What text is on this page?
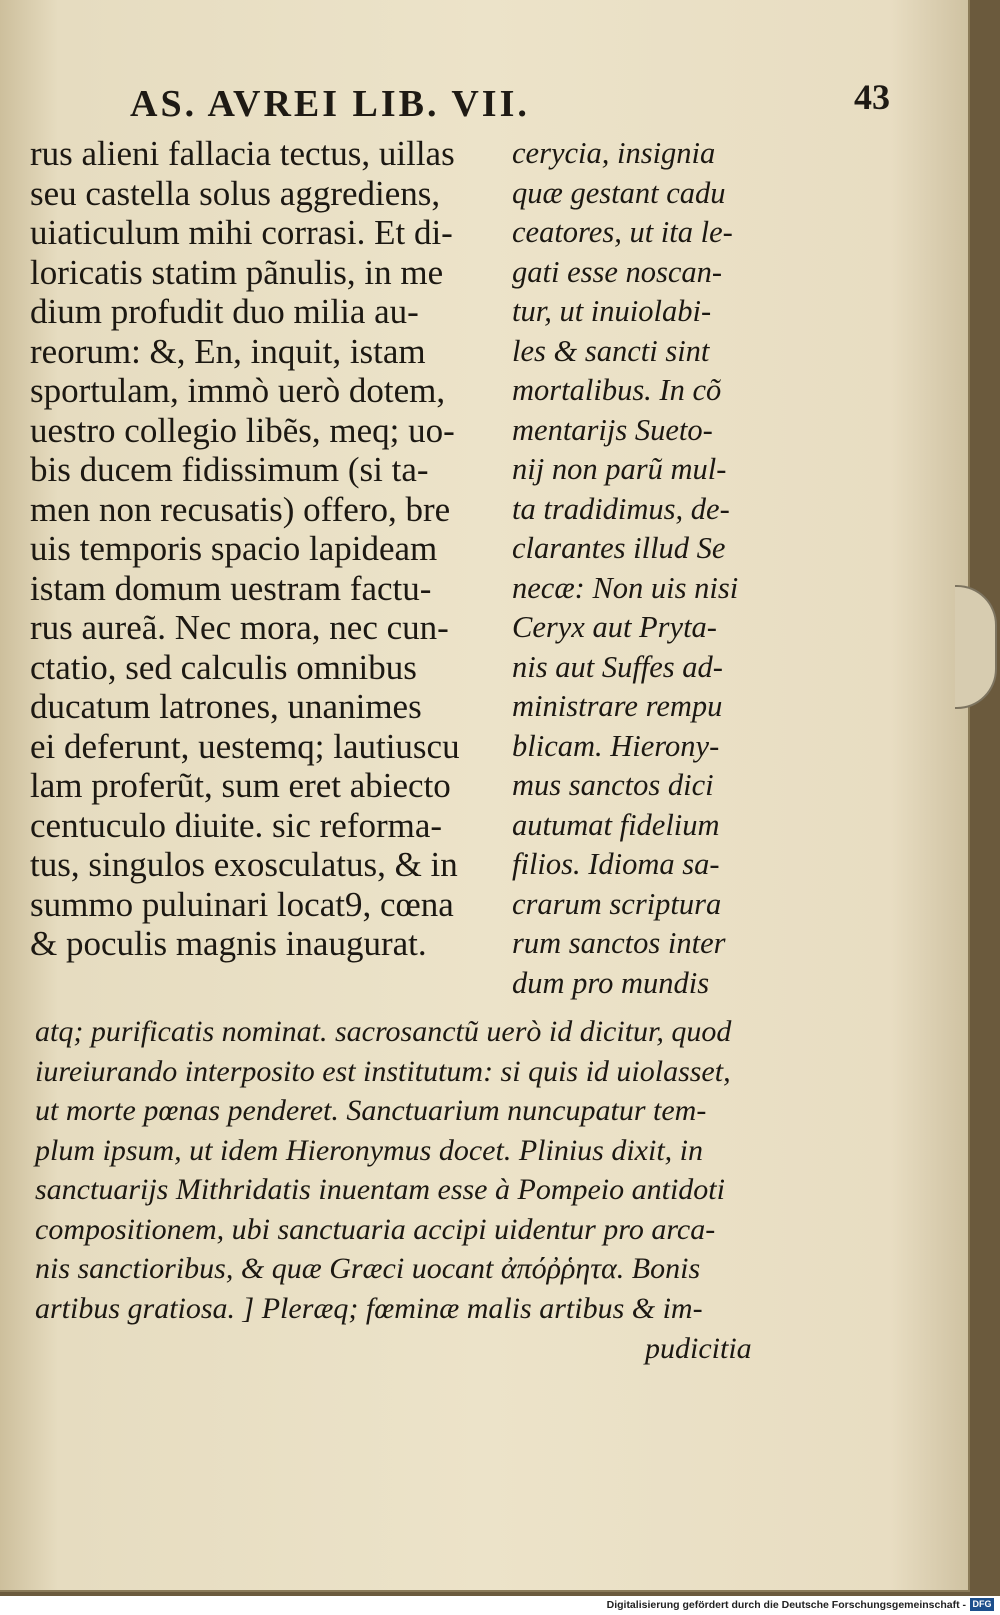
AS. AVREI LIB. VII.	43
rus alieni fallacia tectus, uillas
seu castella solus aggrediens,
uiaticulum mihi corrasi. Et di-
loricatis statim pãnulis, in me
dium profudit duo milia au-
reorum: &, En, inquit, istam
sportulam, immò uerò dotem,
uestro collegio libẽs, meq; uo-
bis ducem fidissimum (si ta-
men non recusatis) offero, bre
uis temporis spacio lapideam
istam domum uestram factu-
rus aureã. Nec mora, nec cun-
ctatio, sed calculis omnibus
ducatum latrones, unanimes
ei deferunt, uestemq; lautiuscu
lam proferũt, sum eret abiecto
centuculo diuite. sic reforma-
tus, singulos exosculatus, & in
summo puluinari locat9, cœna
& poculis magnis inaugurat.
cerycia, insignia
quæ gestant cadu
ceatores, ut ita le-
gati esse noscan-
tur, ut inuiolabi-
les & sancti sint
mortalibus. In cõ
mentarijs Sueto-
nij non parũ mul-
ta tradidimus, de-
clarantes illud Se
necæ: Non uis nisi
Ceryx aut Pryta-
nis aut Suffes ad-
ministrare rempu
blicam. Hierony-
mus sanctos dici
autumat fidelium
filios. Idioma sa-
crarum scriptura
rum sanctos inter
dum pro mundis
atq; purificatis nominat. sacrosanctũ uerò id dicitur, quod
iureiurando interposito est institutum: si quis id uiolasset,
ut morte pœnas penderet. Sanctuarium nuncupatur tem-
plum ipsum, ut idem Hieronymus docet. Plinius dixit, in
sanctuarijs Mithridatis inuentam esse à Pompeio antidoti
compositionem, ubi sanctuaria accipi uidentur pro arca-
nis sanctioribus, & quæ Græci uocant ἀπόῤῥητα. Bonis
artibus gratiosa. ] Pleræq; fœminæ malis artibus & im-
pudicitia
Digitalisierung gefördert durch die Deutsche Forschungsgemeinschaft - DFG
